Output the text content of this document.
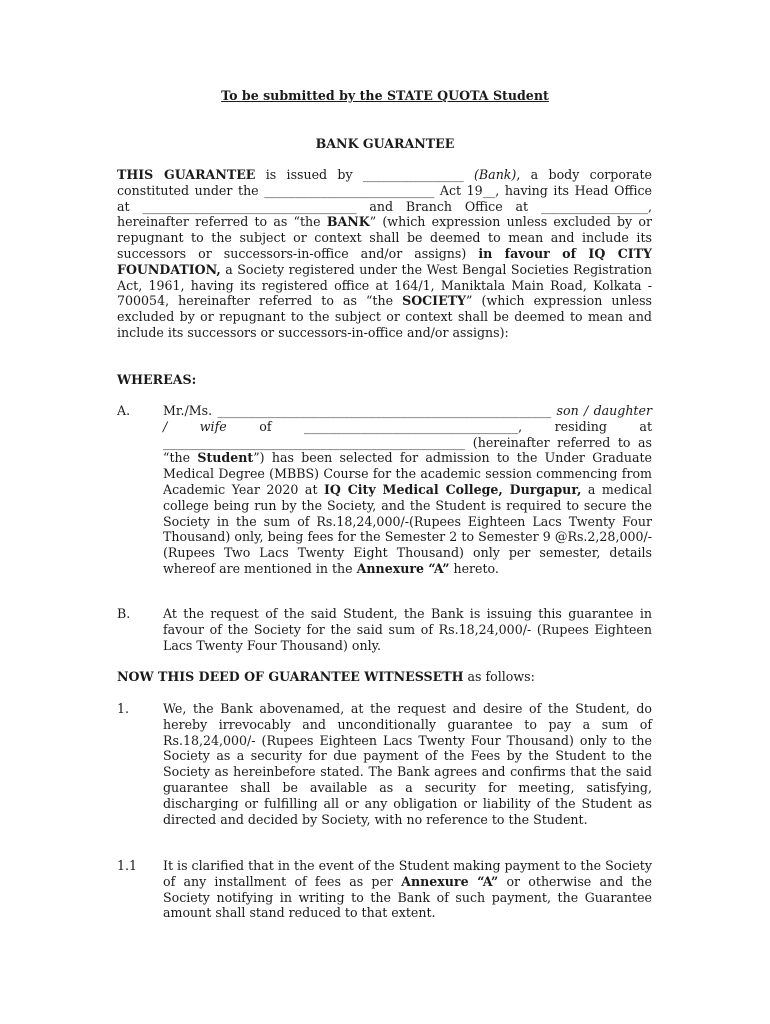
To be submitted by the STATE QUOTA Student
BANK GUARANTEE

THIS GUARANTEE is issued by ________________ (Bank), a body corporate constituted under the ___________________________ Act 19__, having its Head Office at __________________________________ and Branch Office at _________________, hereinafter referred to as “the BANK” (which expression unless excluded by or repugnant to the subject or context shall be deemed to mean and include its successors or successors-in-office and/or assigns) in favour of IQ CITY FOUNDATION, a Society registered under the West Bengal Societies Registration Act, 1961, having its registered office at 164/1, Maniktala Main Road, Kolkata - 700054, hereinafter referred to as “the SOCIETY” (which expression unless excluded by or repugnant to the subject or context shall be deemed to mean and include its successors or successors-in-office and/or assigns):

WHEREAS:
A.	Mr./Ms. _____________________________________________________ son / daughter / wife of __________________________________, residing at ________________________________________________ (hereinafter referred to as “the Student”) has been selected for admission to the Under Graduate Medical Degree (MBBS) Course for the academic session commencing from Academic Year 2020 at IQ City Medical College, Durgapur, a medical college being run by the Society, and the Student is required to secure the Society in the sum of Rs.18,24,000/-(Rupees Eighteen Lacs Twenty Four Thousand) only, being fees for the Semester 2 to Semester 9 @Rs.2,28,000/- (Rupees Two Lacs Twenty Eight Thousand) only per semester, details whereof are mentioned in the Annexure “A” hereto.
B.	At the request of the said Student, the Bank is issuing this guarantee in favour of the Society for the said sum of Rs.18,24,000/- (Rupees Eighteen Lacs Twenty Four Thousand) only.
NOW THIS DEED OF GUARANTEE WITNESSETH as follows:
1.	We, the Bank abovenamed, at the request and desire of the Student, do hereby irrevocably and unconditionally guarantee to pay a sum of Rs.18,24,000/- (Rupees Eighteen Lacs Twenty Four Thousand) only to the Society as a security for due payment of the Fees by the Student to the Society as hereinbefore stated. The Bank agrees and confirms that the said guarantee shall be available as a security for meeting, satisfying, discharging or fulfilling all or any obligation or liability of the Student as directed and decided by Society, with no reference to the Student.
1.1 It is clarified that in the event of the Student making payment to the Society of any installment of fees as per Annexure “A” or otherwise and the Society notifying in writing to the Bank of such payment, the Guarantee amount shall stand reduced to that extent.
